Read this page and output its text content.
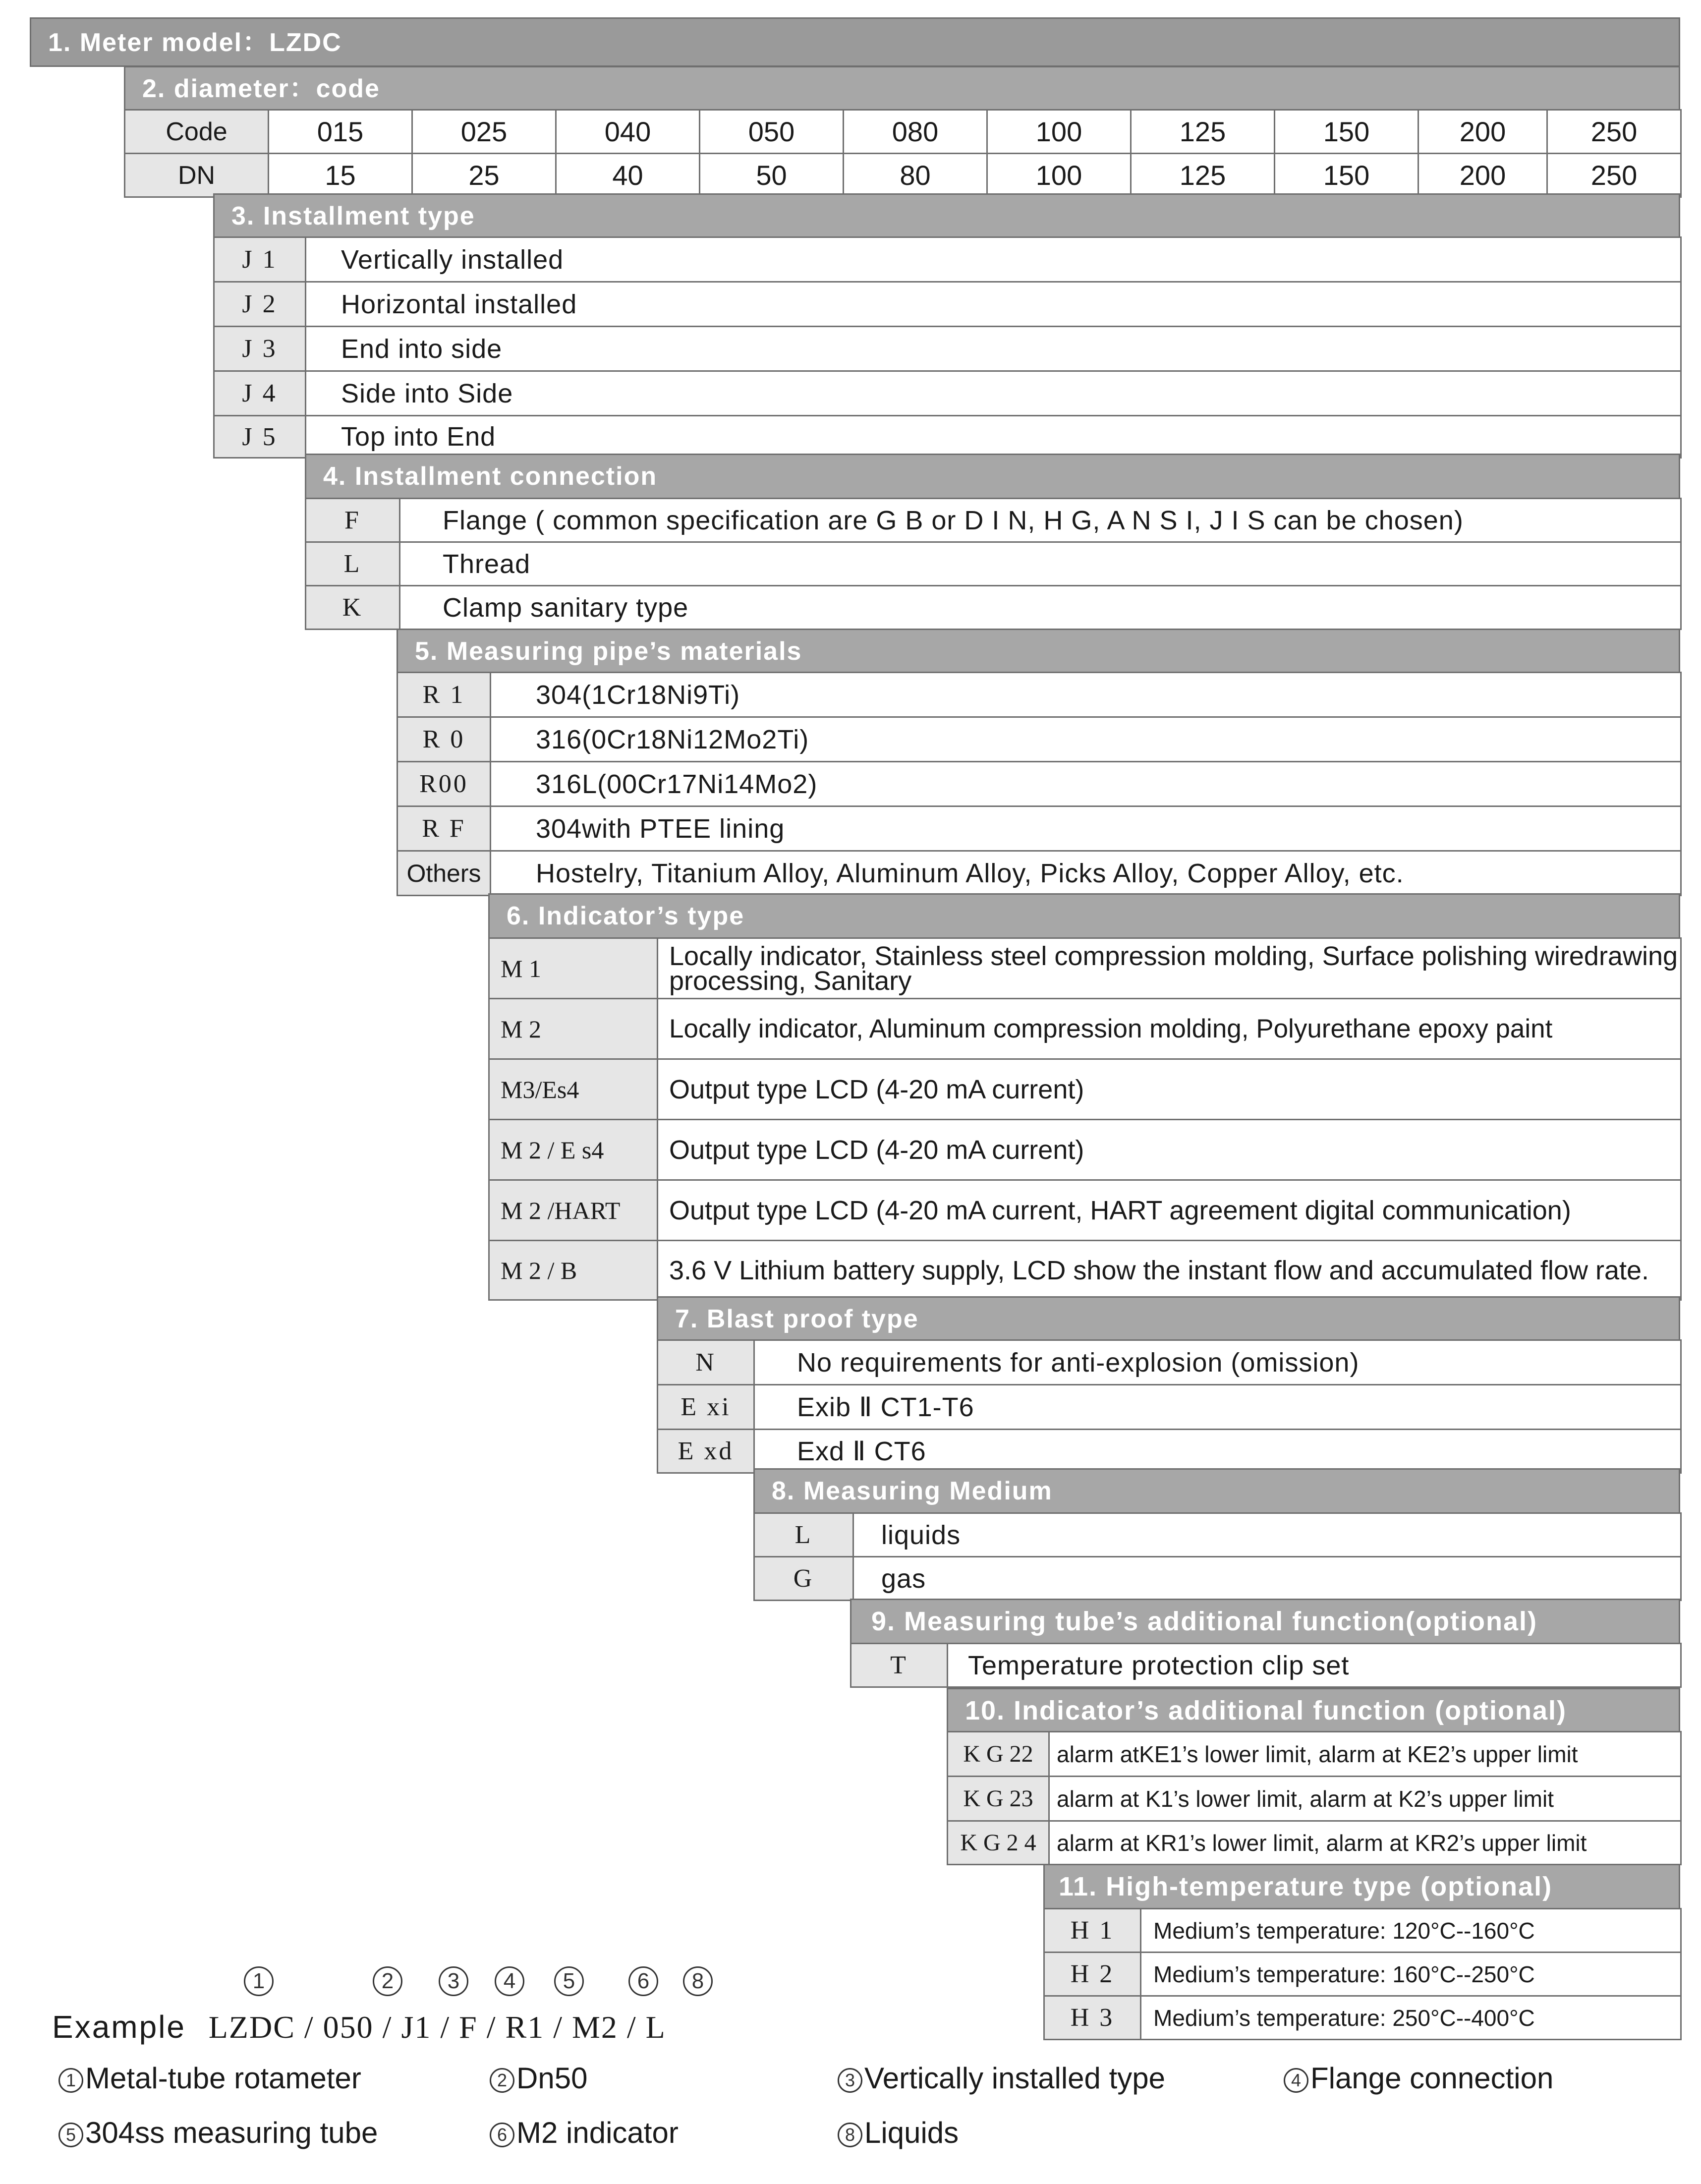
1. Meter model：LZDC
2. diameter：code
Code	015	025	040	050	080	100	125	150	200	250
DN	15	25	40	50	80	100	125	150	200	250
3. Installment type
J 1	Vertically installed
J 2	Horizontal installed
J 3	End into side
J 4	Side into Side
J 5	Top into End
4. Installment connection
F	Flange ( common specification are G B or D I N, H G, A N S I, J I S can be chosen)
L	Thread
K	Clamp sanitary type
5. Measuring pipe’s materials
R 1	304(1Cr18Ni9Ti)
R 0	316(0Cr18Ni12Mo2Ti)
R00	316L(00Cr17Ni14Mo2)
R F	304with PTEE lining
Others	Hostelry, Titanium Alloy, Aluminum Alloy, Picks Alloy, Copper Alloy, etc.
6. Indicator’s type
M 1	Locally indicator, Stainless steel compression molding, Surface polishing wiredrawing processing, Sanitary
M 2	Locally indicator, Aluminum compression molding, Polyurethane epoxy paint
M3/Es4	Output type LCD (4-20 mA current)
M 2 / E s4	Output type LCD (4-20 mA current)
M 2 /HART	Output type LCD (4-20 mA current, HART agreement digital communication)
M 2 / B	3.6 V Lithium battery supply, LCD show the instant flow and accumulated flow rate.
7. Blast proof type
N	No requirements for anti-explosion (omission)
E xi	Exib Ⅱ CT1-T6
E xd	Exd Ⅱ CT6
8. Measuring Medium
L	liquids
G	gas
9. Measuring tube’s additional function(optional)
T	Temperature protection clip set
10. Indicator’s additional function (optional)
K G 22	alarm atKE1’s lower limit, alarm at KE2’s upper limit
K G 23	alarm at K1’s lower limit, alarm at K2’s upper limit
K G 2 4	alarm at KR1’s lower limit, alarm at KR2’s upper limit
11. High-temperature type (optional)
H 1	Medium’s temperature: 120°C--160°C
H 2	Medium’s temperature: 160°C--250°C
H 3	Medium’s temperature: 250°C--400°C
1	2	3	4	5	6	8
Example LZDC / 050 / J1 / F / R1 / M2 / L
1 Metal-tube rotameter	2 Dn50	3 Vertically installed type	4 Flange connection
5 304ss measuring tube	6 M2 indicator	8 Liquids
